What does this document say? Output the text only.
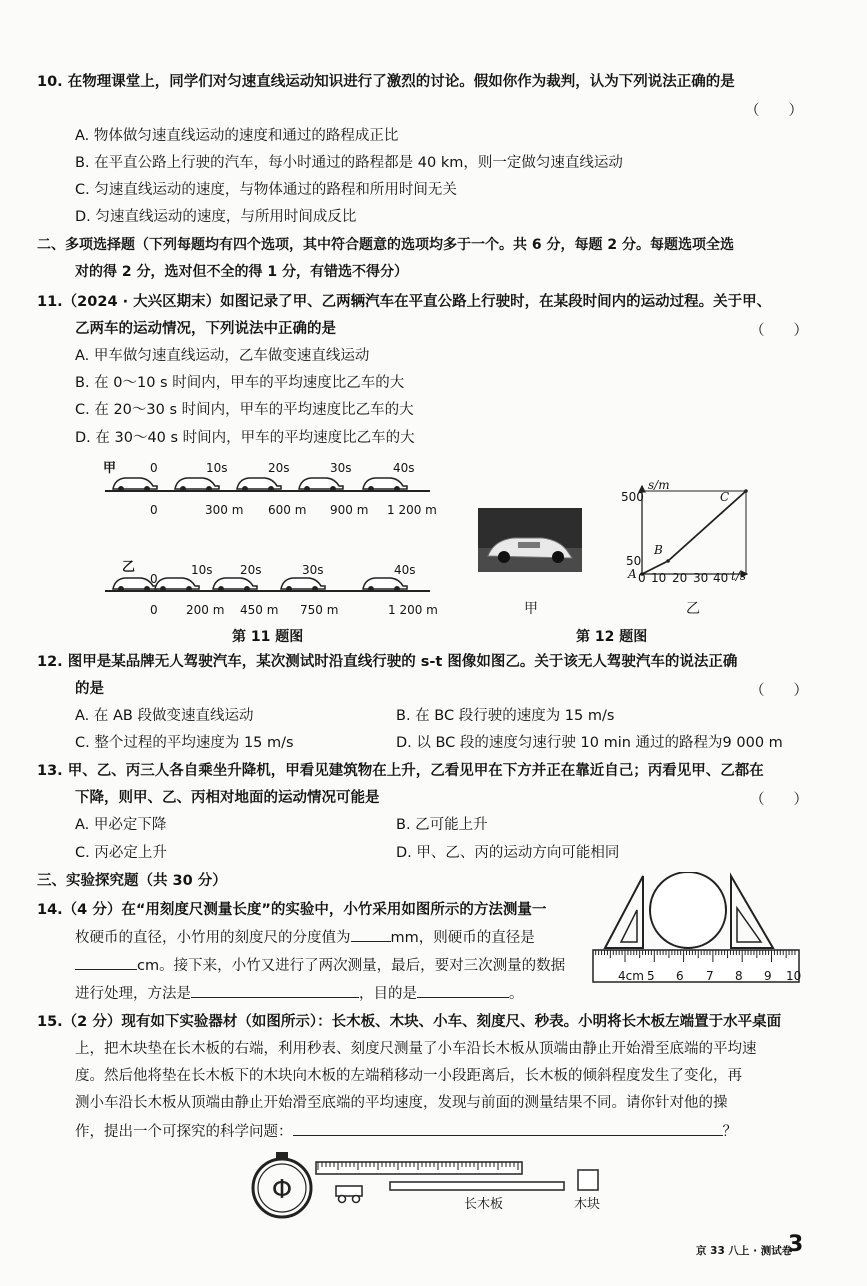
10. 在物理课堂上，同学们对匀速直线运动知识进行了激烈的讨论。假如你作为裁判，认为下列说法正确的是
（　　）
A. 物体做匀速直线运动的速度和通过的路程成正比
B. 在平直公路上行驶的汽车，每小时通过的路程都是 40 km，则一定做匀速直线运动
C. 匀速直线运动的速度，与物体通过的路程和所用时间无关
D. 匀速直线运动的速度，与所用时间成反比
二、多项选择题（下列每题均有四个选项，其中符合题意的选项均多于一个。共 6 分，每题 2 分。每题选项全选
对的得 2 分，选对但不全的得 1 分，有错选不得分）
11.（2024 · 大兴区期末）如图记录了甲、乙两辆汽车在平直公路上行驶时，在某段时间内的运动过程。关于甲、
乙两车的运动情况，下列说法中正确的是	（　　）
A. 甲车做匀速直线运动，乙车做变速直线运动
B. 在 0～10 s 时间内，甲车的平均速度比乙车的大
C. 在 20～30 s 时间内，甲车的平均速度比乙车的大
D. 在 30～40 s 时间内，甲车的平均速度比乙车的大
甲	0	10s	20s	30s	40s
0	300 m 600 m 900 m 1 200 m
乙
0
10s 20s	30s	40s
0 200 m 450 m 750 m	1 200 m
第 11 题图
甲
s/m
t/s
500
50
A 0
B
C
10 20 30 40
乙
第 12 题图
12. 图甲是某品牌无人驾驶汽车，某次测试时沿直线行驶的 s-t 图像如图乙。关于该无人驾驶汽车的说法正确
的是	（　　）
A. 在 AB 段做变速直线运动	B. 在 BC 段行驶的速度为 15 m/s
C. 整个过程的平均速度为 15 m/s	D. 以 BC 段的速度匀速行驶 10 min 通过的路程为9 000 m
13. 甲、乙、丙三人各自乘坐升降机，甲看见建筑物在上升，乙看见甲在下方并正在靠近自己；丙看见甲、乙都在
下降，则甲、乙、丙相对地面的运动情况可能是	（　　）
A. 甲必定下降	B. 乙可能上升
C. 丙必定上升	D. 甲、乙、丙的运动方向可能相同
三、实验探究题（共 30 分）
14.（4 分）在“用刻度尺测量长度”的实验中，小竹采用如图所示的方法测量一
枚硬币的直径，小竹用的刻度尺的分度值为	mm，则硬币的直径是
cm。接下来，小竹又进行了两次测量，最后，要对三次测量的数据
进行处理，方法是	，目的是	。
4cm 5 6 7 8 9 10
15.（2 分）现有如下实验器材（如图所示）：长木板、木块、小车、刻度尺、秒表。小明将长木板左端置于水平桌面
上，把木块垫在长木板的右端，利用秒表、刻度尺测量了小车沿长木板从顶端由静止开始滑至底端的平均速
度。然后他将垫在长木板下的木块向木板的左端稍移动一小段距离后，长木板的倾斜程度发生了变化，再
测小车沿长木板从顶端由静止开始滑至底端的平均速度，发现与前面的测量结果不同。请你针对他的操
作，提出一个可探究的科学问题：	？
Φ	长木板	木块
京 33 八上 · 测试卷
3
